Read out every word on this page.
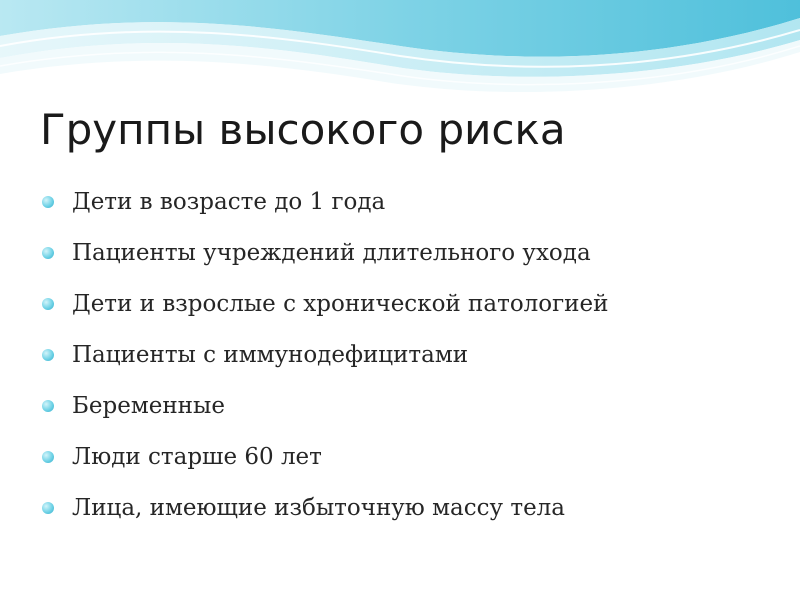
Группы высокого риска
Дети в возрасте до 1 года
Пациенты учреждений длительного ухода
Дети и взрослые с хронической патологией
Пациенты с иммунодефицитами
Беременные
Люди старше 60 лет
Лица, имеющие избыточную массу тела
